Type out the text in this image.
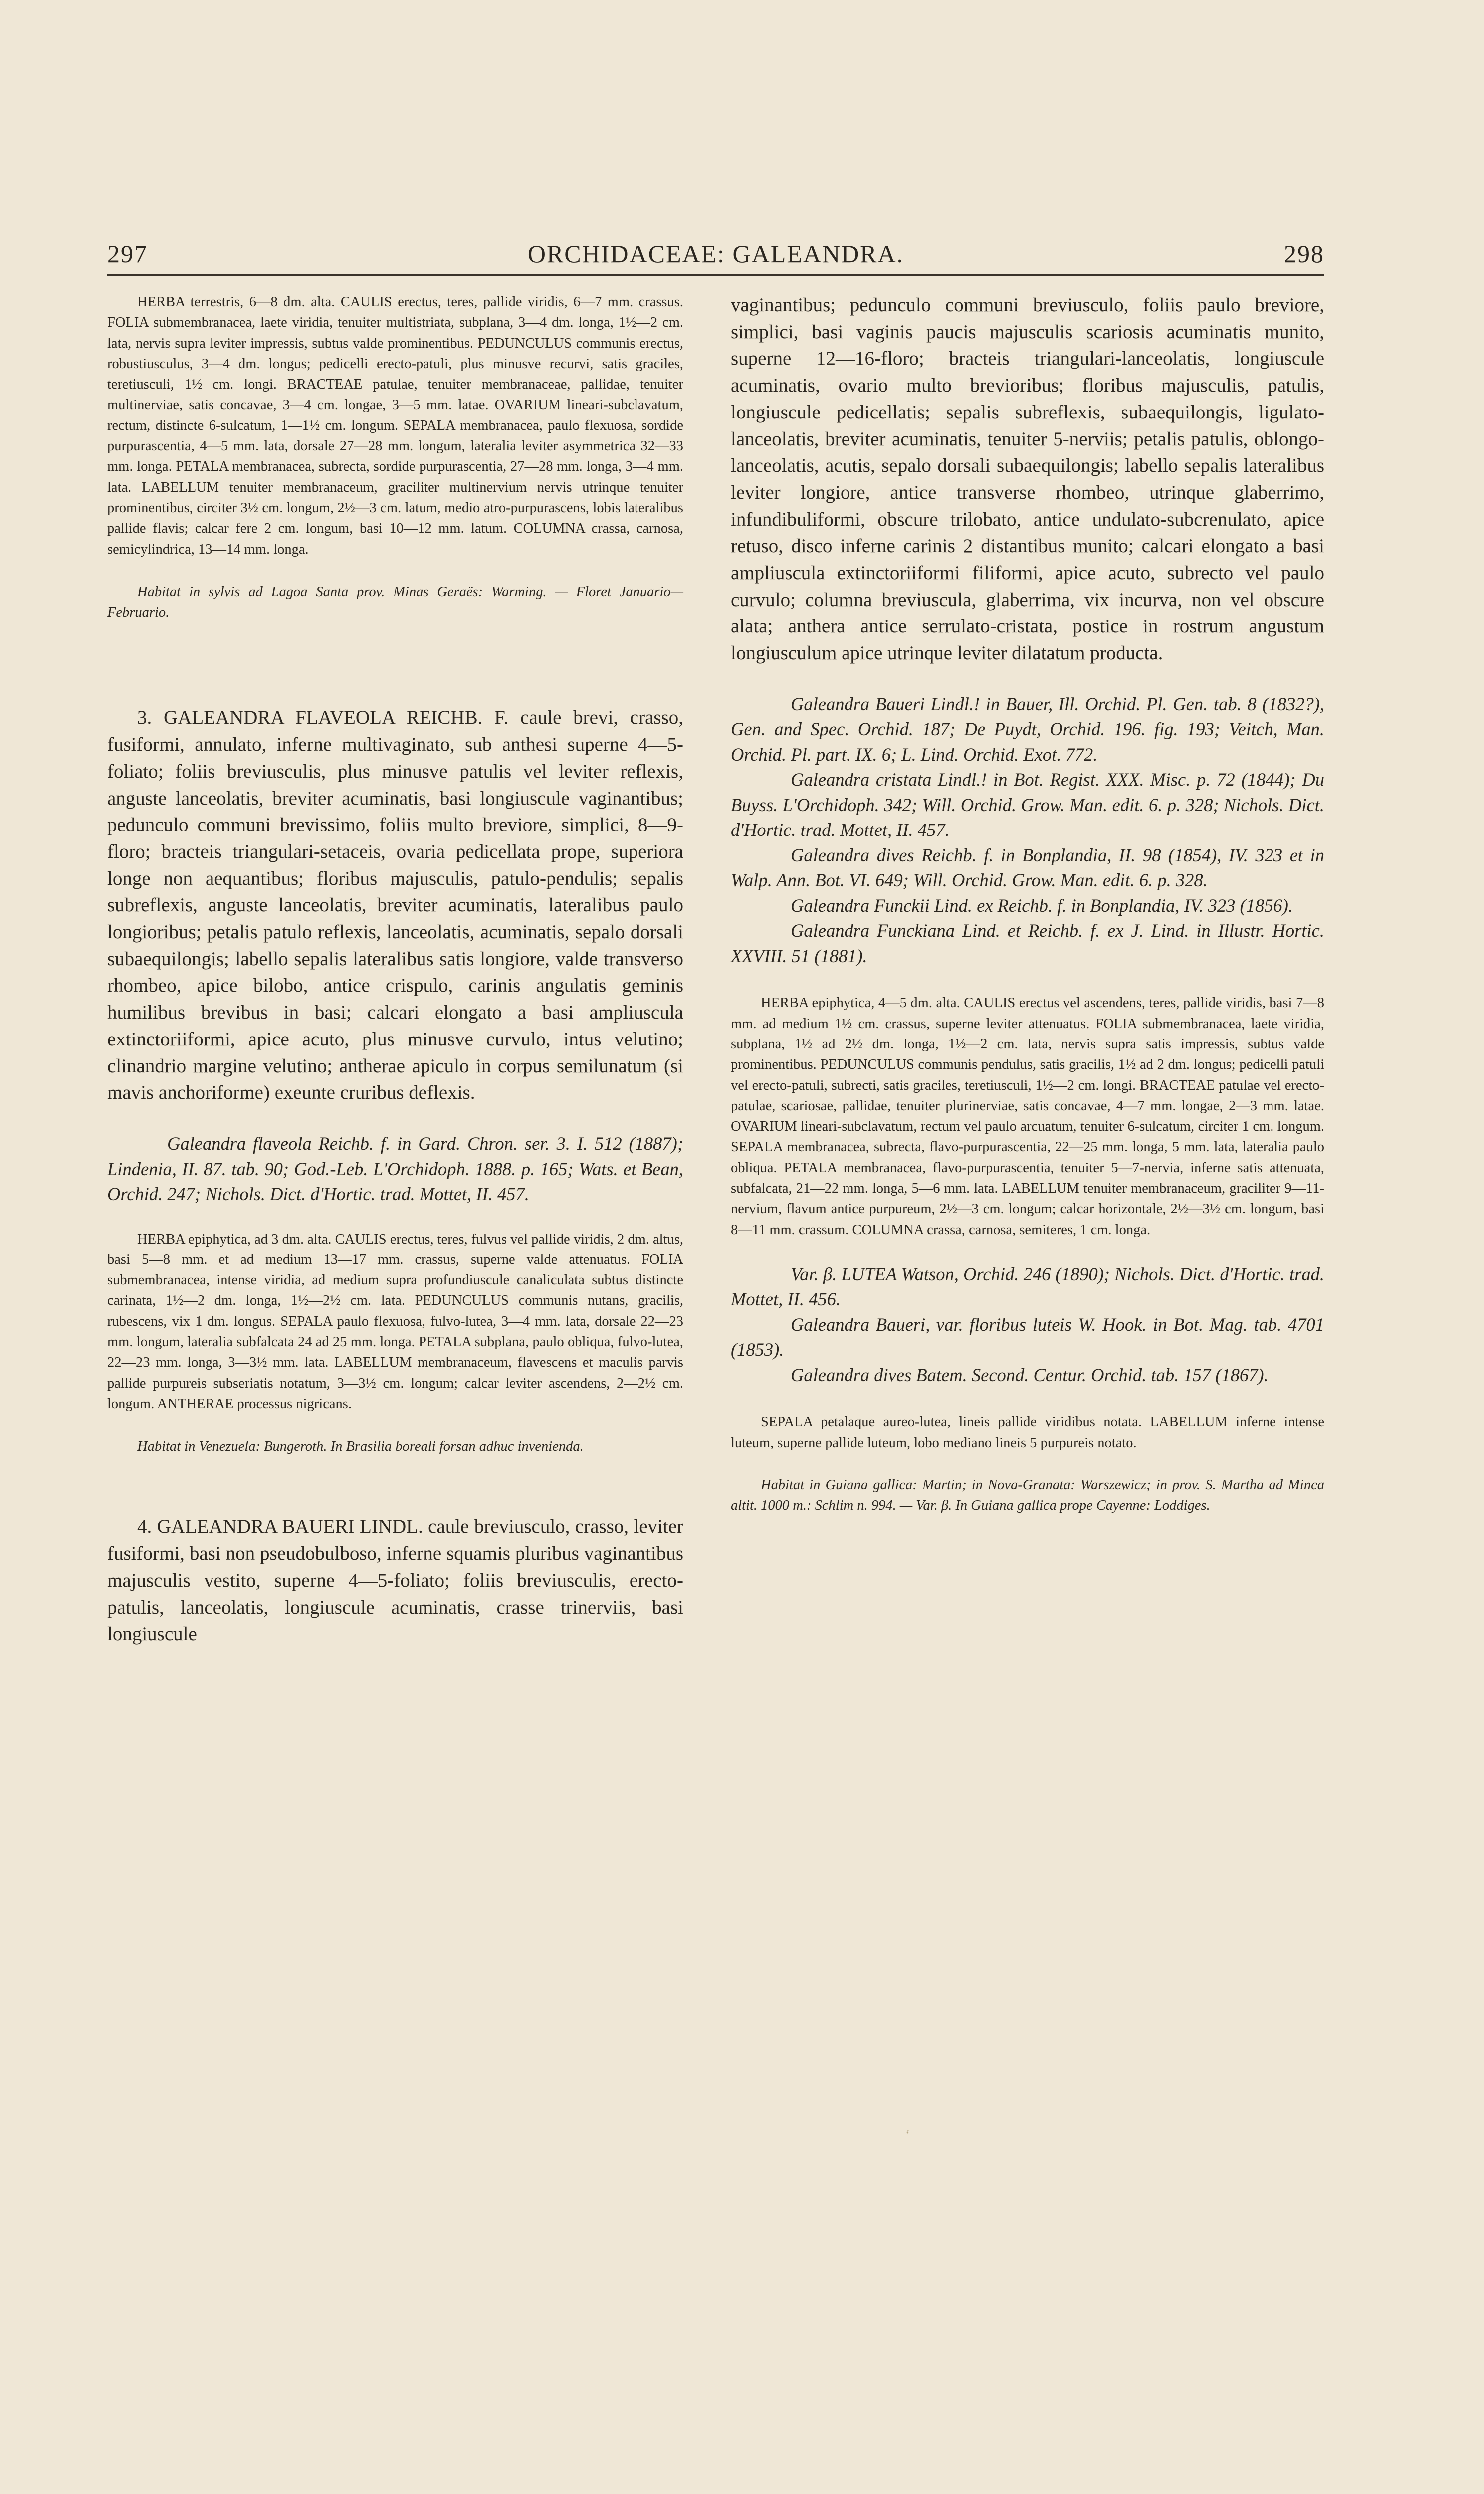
297	ORCHIDACEAE: GALEANDRA.	298

HERBA terrestris, 6—8 dm. alta. CAULIS erectus, teres, pallide viridis, 6—7 mm. crassus. FOLIA submembranacea, laete viridia, tenuiter multistriata, subplana, 3—4 dm. longa, 1½—2 cm. lata, nervis supra leviter impressis, subtus valde prominentibus. PEDUNCULUS communis erectus, robustiusculus, 3—4 dm. longus; pedicelli erecto-patuli, plus minusve recurvi, satis graciles, teretiusculi, 1½ cm. longi. BRACTEAE patulae, tenuiter membranaceae, pallidae, tenuiter multinerviae, satis concavae, 3—4 cm. longae, 3—5 mm. latae. OVARIUM lineari-subclavatum, rectum, distincte 6-sulcatum, 1—1½ cm. longum. SEPALA membranacea, paulo flexuosa, sordide purpurascentia, 4—5 mm. lata, dorsale 27—28 mm. longum, lateralia leviter asymmetrica 32—33 mm. longa. PETALA membranacea, subrecta, sordide purpurascentia, 27—28 mm. longa, 3—4 mm. lata. LABELLUM tenuiter membranaceum, graciliter multinervium nervis utrinque tenuiter prominentibus, circiter 3½ cm. longum, 2½—3 cm. latum, medio atro-purpurascens, lobis lateralibus pallide flavis; calcar fere 2 cm. longum, basi 10—12 mm. latum. COLUMNA crassa, carnosa, semicylindrica, 13—14 mm. longa.

Habitat in sylvis ad Lagoa Santa prov. Minas Geraës: Warming. — Floret Januario—Februario.

3. GALEANDRA FLAVEOLA REICHB. F. caule brevi, crasso, fusiformi, annulato, inferne multivaginato, sub anthesi superne 4—5-foliato; foliis breviusculis, plus minusve patulis vel leviter reflexis, anguste lanceolatis, breviter acuminatis, basi longiuscule vaginantibus; pedunculo communi brevissimo, foliis multo breviore, simplici, 8—9-floro; bracteis triangulari-setaceis, ovaria pedicellata prope, superiora longe non aequantibus; floribus majusculis, patulo-pendulis; sepalis subreflexis, anguste lanceolatis, breviter acuminatis, lateralibus paulo longioribus; petalis patulo reflexis, lanceolatis, acuminatis, sepalo dorsali subaequilongis; labello sepalis lateralibus satis longiore, valde transverso rhombeo, apice bilobo, antice crispulo, carinis angulatis geminis humilibus brevibus in basi; calcari elongato a basi ampliuscula extinctoriiformi, apice acuto, plus minusve curvulo, intus velutino; clinandrio margine velutino; antherae apiculo in corpus semilunatum (si mavis anchoriforme) exeunte cruribus deflexis.

Galeandra flaveola Reichb. f. in Gard. Chron. ser. 3. I. 512 (1887); Lindenia, II. 87. tab. 90; God.-Leb. L'Orchidoph. 1888. p. 165; Wats. et Bean, Orchid. 247; Nichols. Dict. d'Hortic. trad. Mottet, II. 457.

HERBA epiphytica, ad 3 dm. alta. CAULIS erectus, teres, fulvus vel pallide viridis, 2 dm. altus, basi 5—8 mm. et ad medium 13—17 mm. crassus, superne valde attenuatus. FOLIA submembranacea, intense viridia, ad medium supra profundiuscule canaliculata subtus distincte carinata, 1½—2 dm. longa, 1½—2½ cm. lata. PEDUNCULUS communis nutans, gracilis, rubescens, vix 1 dm. longus. SEPALA paulo flexuosa, fulvo-lutea, 3—4 mm. lata, dorsale 22—23 mm. longum, lateralia subfalcata 24 ad 25 mm. longa. PETALA subplana, paulo obliqua, fulvo-lutea, 22—23 mm. longa, 3—3½ mm. lata. LABELLUM membranaceum, flavescens et maculis parvis pallide purpureis subseriatis notatum, 3—3½ cm. longum; calcar leviter ascendens, 2—2½ cm. longum. ANTHERAE processus nigricans.

Habitat in Venezuela: Bungeroth. In Brasilia boreali forsan adhuc invenienda.

4. GALEANDRA BAUERI LINDL. caule breviusculo, crasso, leviter fusiformi, basi non pseudobulboso, inferne squamis pluribus vaginantibus majusculis vestito, superne 4—5-foliato; foliis breviusculis, erecto-patulis, lanceolatis, longiuscule acuminatis, crasse trinerviis, basi longiuscule

vaginantibus; pedunculo communi breviusculo, foliis paulo breviore, simplici, basi vaginis paucis majusculis scariosis acuminatis munito, superne 12—16-floro; bracteis triangulari-lanceolatis, longiuscule acuminatis, ovario multo brevioribus; floribus majusculis, patulis, longiuscule pedicellatis; sepalis subreflexis, subaequilongis, ligulato-lanceolatis, breviter acuminatis, tenuiter 5-nerviis; petalis patulis, oblongo-lanceolatis, acutis, sepalo dorsali subaequilongis; labello sepalis lateralibus leviter longiore, antice transverse rhombeo, utrinque glaberrimo, infundibuliformi, obscure trilobato, antice undulato-subcrenulato, apice retuso, disco inferne carinis 2 distantibus munito; calcari elongato a basi ampliuscula extinctoriiformi filiformi, apice acuto, subrecto vel paulo curvulo; columna breviuscula, glaberrima, vix incurva, non vel obscure alata; anthera antice serrulato-cristata, postice in rostrum angustum longiusculum apice utrinque leviter dilatatum producta.

Galeandra Baueri Lindl.! in Bauer, Ill. Orchid. Pl. Gen. tab. 8 (1832?), Gen. and Spec. Orchid. 187; De Puydt, Orchid. 196. fig. 193; Veitch, Man. Orchid. Pl. part. IX. 6; L. Lind. Orchid. Exot. 772.

Galeandra cristata Lindl.! in Bot. Regist. XXX. Misc. p. 72 (1844); Du Buyss. L'Orchidoph. 342; Will. Orchid. Grow. Man. edit. 6. p. 328; Nichols. Dict. d'Hortic. trad. Mottet, II. 457.

Galeandra dives Reichb. f. in Bonplandia, II. 98 (1854), IV. 323 et in Walp. Ann. Bot. VI. 649; Will. Orchid. Grow. Man. edit. 6. p. 328.

Galeandra Funckii Lind. ex Reichb. f. in Bonplandia, IV. 323 (1856).

Galeandra Funckiana Lind. et Reichb. f. ex J. Lind. in Illustr. Hortic. XXVIII. 51 (1881).

HERBA epiphytica, 4—5 dm. alta. CAULIS erectus vel ascendens, teres, pallide viridis, basi 7—8 mm. ad medium 1½ cm. crassus, superne leviter attenuatus. FOLIA submembranacea, laete viridia, subplana, 1½ ad 2½ dm. longa, 1½—2 cm. lata, nervis supra satis impressis, subtus valde prominentibus. PEDUNCULUS communis pendulus, satis gracilis, 1½ ad 2 dm. longus; pedicelli patuli vel erecto-patuli, subrecti, satis graciles, teretiusculi, 1½—2 cm. longi. BRACTEAE patulae vel erecto-patulae, scariosae, pallidae, tenuiter plurinerviae, satis concavae, 4—7 mm. longae, 2—3 mm. latae. OVARIUM lineari-subclavatum, rectum vel paulo arcuatum, tenuiter 6-sulcatum, circiter 1 cm. longum. SEPALA membranacea, subrecta, flavo-purpurascentia, 22—25 mm. longa, 5 mm. lata, lateralia paulo obliqua. PETALA membranacea, flavo-purpurascentia, tenuiter 5—7-nervia, inferne satis attenuata, subfalcata, 21—22 mm. longa, 5—6 mm. lata. LABELLUM tenuiter membranaceum, graciliter 9—11-nervium, flavum antice purpureum, 2½—3 cm. longum; calcar horizontale, 2½—3½ cm. longum, basi 8—11 mm. crassum. COLUMNA crassa, carnosa, semiteres, 1 cm. longa.

Var. β. LUTEA Watson, Orchid. 246 (1890); Nichols. Dict. d'Hortic. trad. Mottet, II. 456.

Galeandra Baueri, var. floribus luteis W. Hook. in Bot. Mag. tab. 4701 (1853).

Galeandra dives Batem. Second. Centur. Orchid. tab. 157 (1867).

SEPALA petalaque aureo-lutea, lineis pallide viridibus notata. LABELLUM inferne intense luteum, superne pallide luteum, lobo mediano lineis 5 purpureis notato.

Habitat in Guiana gallica: Martin; in Nova-Granata: Warszewicz; in prov. S. Martha ad Minca altit. 1000 m.: Schlim n. 994. — Var. β. In Guiana gallica prope Cayenne: Loddiges.

‘
